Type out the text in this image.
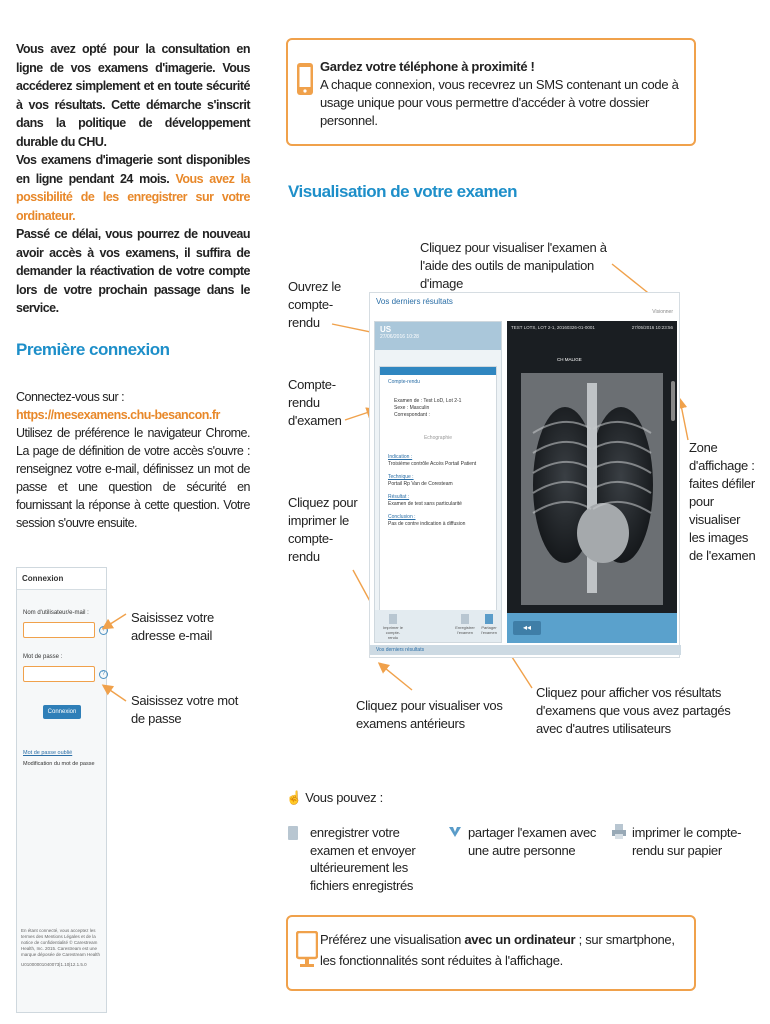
Vous avez opté pour la consultation en ligne de vos examens d'imagerie. Vous accéderez simplement et en toute sécurité à vos résultats. Cette démarche s'inscrit dans la politique de développement durable du CHU.

Vos examens d'imagerie sont disponibles en ligne pendant 24 mois. Vous avez la possibilité de les enregistrer sur votre ordinateur.

Passé ce délai, vous pourrez de nouveau avoir accès à vos examens, il suffira de demander la réactivation de votre compte lors de votre prochain passage dans le service.

Première connexion
Connectez-vous sur :
https://mesexamens.chu-besancon.fr
Utilisez de préférence le navigateur Chrome. La page de définition de votre accès s'ouvre : renseignez votre e-mail, définissez un mot de passe et une question de sécurité en fournissant la réponse à cette question. Votre session s'ouvre ensuite.
Connexion
Nom d'utilisateur/e-mail :
?
Mot de passe :
?
Connexion
Mot de passe oublié
Modification du mot de passe
En étant connecté, vous acceptez les termes des Mentions Légales et de la notice de confidentialité © Carestream Health, Inc. 2015. Carestream est une marque déposée de Carestream Health
U01000001040073|1.10|12.1.5.0
Saisissez votre adresse e-mail
Saisissez votre mot de passe
Gardez votre téléphone à proximité !
A chaque connexion, vous recevrez un SMS contenant un code à usage unique pour vous permettre d'accéder à votre dossier personnel.
Visualisation de votre examen
Cliquez pour visualiser l'examen à l'aide des outils de manipulation d'image
Ouvrez le compte-rendu
Compte-rendu d'examen
Cliquez pour imprimer le compte-rendu
Zone d'affichage : faites défiler pour visualiser les images de l'examen
Cliquez pour visualiser vos examens antérieurs
Cliquez pour afficher vos résultats d'examens que vous avez partagés avec d'autres utilisateurs
Vos derniers résultats
Visionner
US
27/06/2016 10:28
Compte-rendu
Examen de : Test LoD, Lot 2-1
Sexe : Masculin
Correspondant :
Echographie
Indication :
Troisième contrôle Accès Portail Patient
Technique :
Portail Rp Van de Coresteam
Résultat :
Examen de test sans particularité
Conclusion :
Pas de contre indication à diffusion
Imprimer le compte-rendu
Enregistrer l'examen
Partager l'examen
TEST LOTS, LOT 2-1, 20160326-01-0001	27/05/2016 10:23:56
CH MALIGE
◂◂
Vos derniers résultats
☝ Vous pouvez :
enregistrer votre examen et envoyer ultérieurement les fichiers enregistrés
partager l'examen avec une autre personne
imprimer le compte-rendu sur papier
Préférez une visualisation avec un ordinateur ; sur smartphone, les fonctionnalités sont réduites à l'affichage.
